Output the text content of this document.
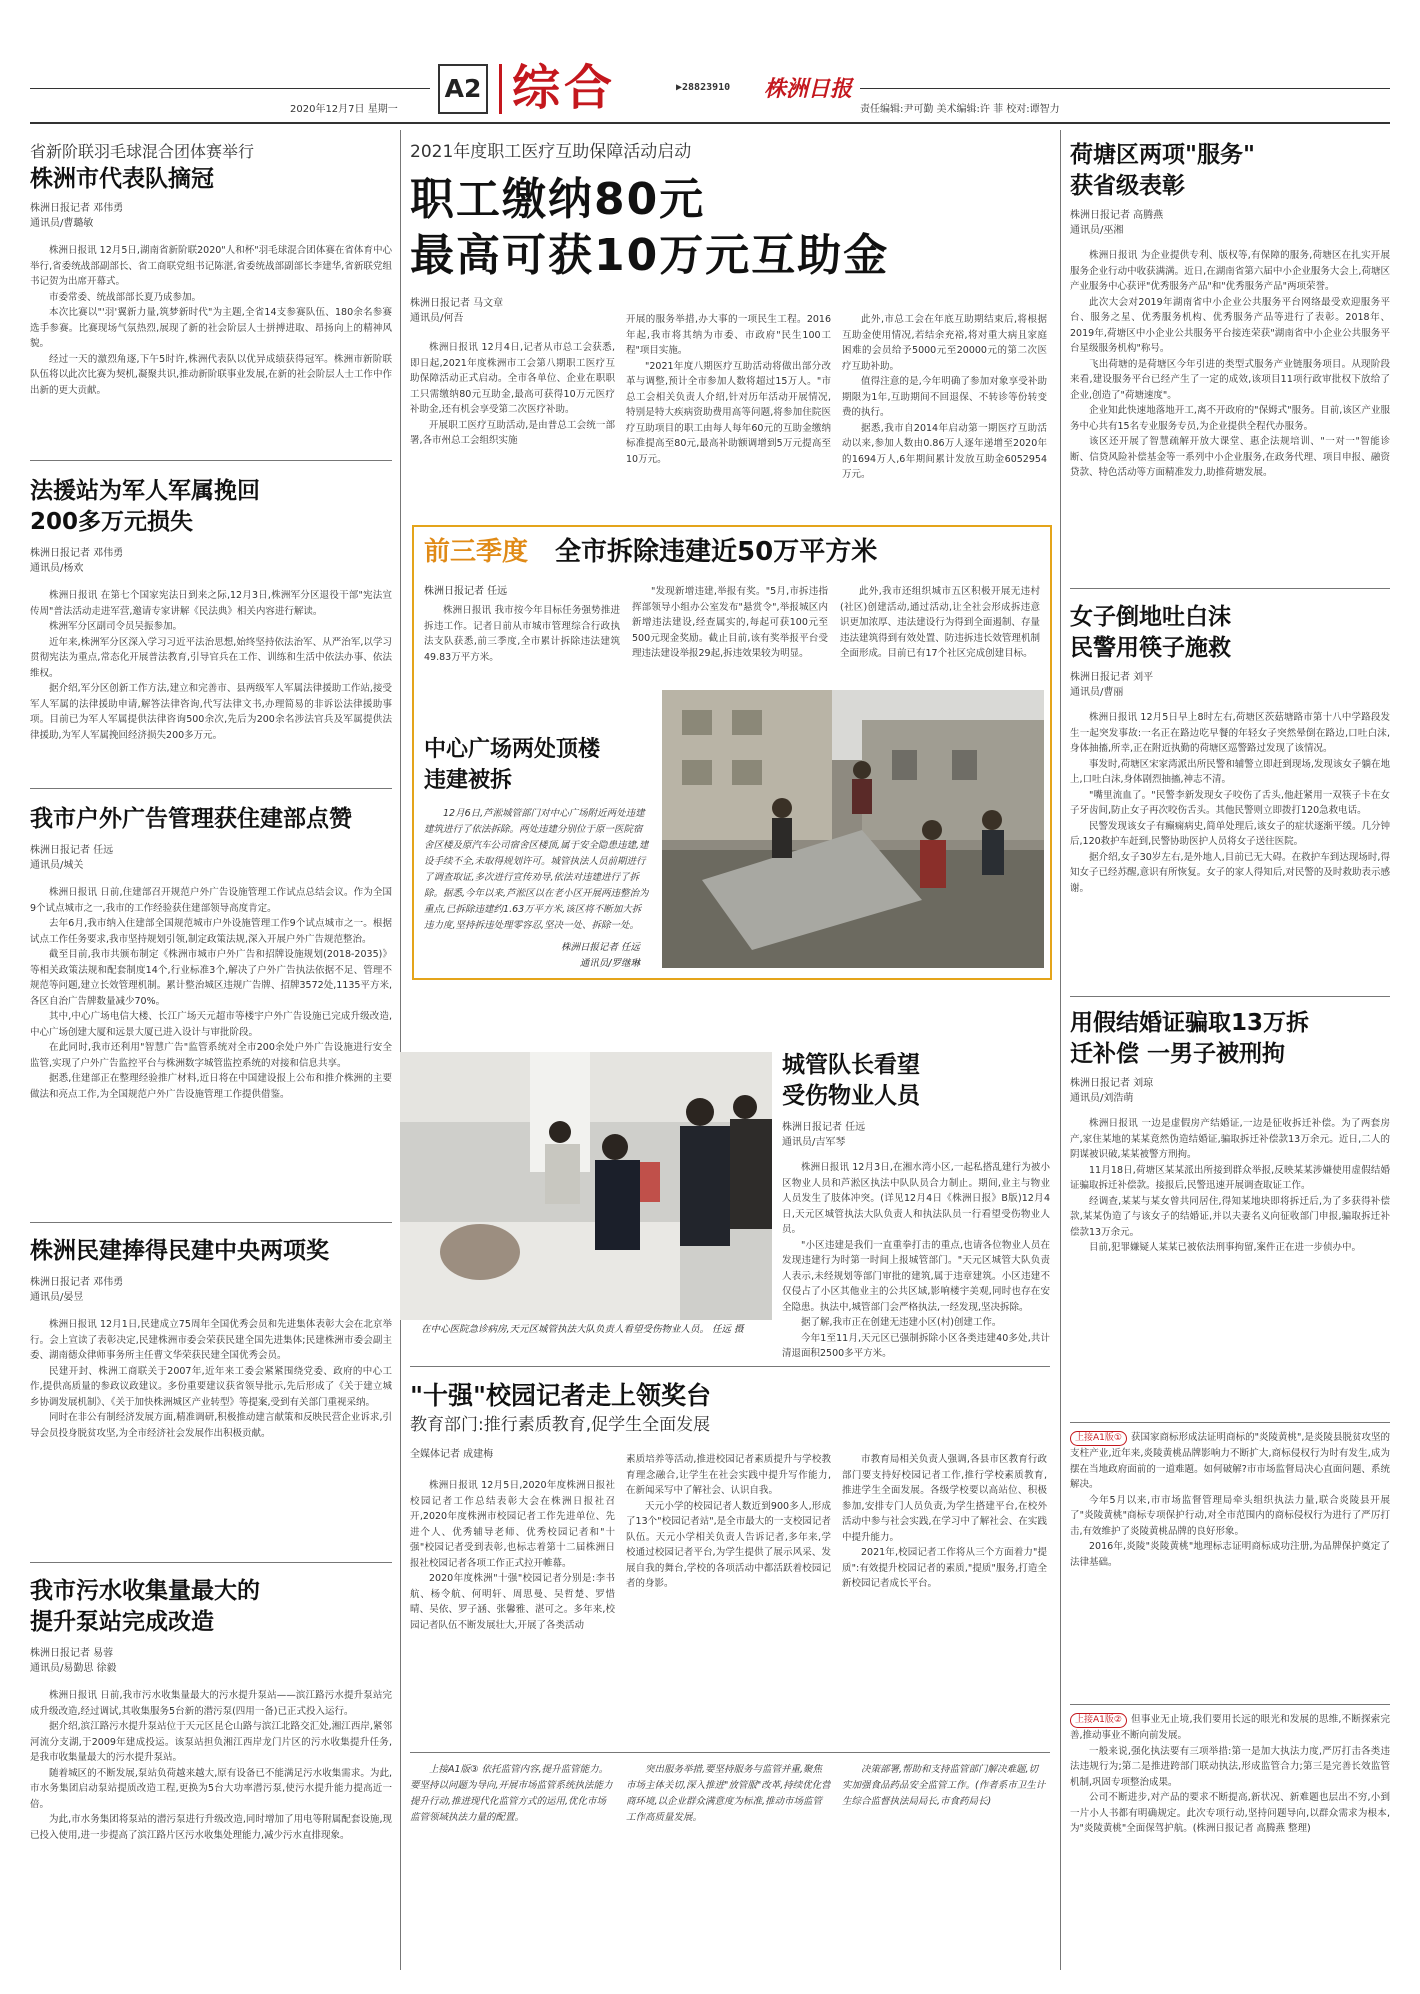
A2 综合	▶28823910 株洲日报
2020年12月7日 星期一	责任编辑:尹可勤 美术编辑:许 菲 校对:谭智力
省新阶联羽毛球混合团体赛举行
株洲市代表队摘冠
株洲日报记者 邓伟勇
通讯员/曹璐敏

株洲日报讯 12月5日,湖南省新阶联2020"人和杯"羽毛球混合团体赛在省体育中心举行,省委统战部副部长、省工商联党组书记陈湛,省委统战部副部长李建华,省新联党组书记贺为出席开幕式。

市委常委、统战部部长夏乃成参加。

本次比赛以"'羽'翼新力量,筑梦新时代"为主题,全省14支参赛队伍、180余名参赛选手参赛。比赛现场气氛热烈,展现了新的社会阶层人士拼搏进取、昂扬向上的精神风貌。

经过一天的激烈角逐,下午5时许,株洲代表队以优异成绩获得冠军。株洲市新阶联队伍将以此次比赛为契机,凝聚共识,推动新阶联事业发展,在新的社会阶层人士工作中作出新的更大贡献。

法援站为军人军属挽回
200多万元损失
株洲日报记者 邓伟勇
通讯员/杨欢

株洲日报讯 在第七个国家宪法日到来之际,12月3日,株洲军分区退役干部"宪法宣传周"普法活动走进军营,邀请专家讲解《民法典》相关内容进行解读。

株洲军分区副司令员吴振参加。

近年来,株洲军分区深入学习习近平法治思想,始终坚持依法治军、从严治军,以学习贯彻宪法为重点,常态化开展普法教育,引导官兵在工作、训练和生活中依法办事、依法维权。

据介绍,军分区创新工作方法,建立和完善市、县两级军人军属法律援助工作站,接受军人军属的法律援助申请,解答法律咨询,代写法律文书,办理简易的非诉讼法律援助事项。目前已为军人军属提供法律咨询500余次,先后为200余名涉法官兵及军属提供法律援助,为军人军属挽回经济损失200多万元。

我市户外广告管理获住建部点赞
株洲日报记者 任远
通讯员/城关

株洲日报讯 日前,住建部召开规范户外广告设施管理工作试点总结会议。作为全国9个试点城市之一,我市的工作经验获住建部领导高度肯定。

去年6月,我市纳入住建部全国规范城市户外设施管理工作9个试点城市之一。根据试点工作任务要求,我市坚持规划引领,制定政策法规,深入开展户外广告规范整治。

截至目前,我市共颁布制定《株洲市城市户外广告和招牌设施规划(2018-2035)》等相关政策法规和配套制度14个,行业标准3个,解决了户外广告执法依据不足、管理不规范等问题,建立长效管理机制。累计整治城区违规广告牌、招牌3572处,1135平方米,各区自治广告牌数量减少70%。

其中,中心广场电信大楼、长江广场天元超市等楼宇户外广告设施已完成升级改造,中心广场创建大厦和远景大厦已进入设计与审批阶段。

在此同时,我市还利用"智慧广告"监管系统对全市200余处户外广告设施进行安全监管,实现了户外广告监控平台与株洲数字城管监控系统的对接和信息共享。

据悉,住建部正在整理经验推广材料,近日将在中国建设报上公布和推介株洲的主要做法和亮点工作,为全国规范户外广告设施管理工作提供借鉴。

株洲民建捧得民建中央两项奖
株洲日报记者 邓伟勇
通讯员/晏昱

株洲日报讯 12月1日,民建成立75周年全国优秀会员和先进集体表彰大会在北京举行。会上宣读了表彰决定,民建株洲市委会荣获民建全国先进集体;民建株洲市委会副主委、湖南德众律师事务所主任曹文华荣获民建全国优秀会员。

民建开封、株洲工商联关于2007年,近年来工委会紧紧围绕党委、政府的中心工作,提供高质量的参政议政建议。多份重要建议获省领导批示,先后形成了《关于建立城乡协调发展机制》、《关于加快株洲城区产业转型》等提案,受到有关部门重视采纳。

同时在非公有制经济发展方面,精准调研,积极推动建言献策和反映民营企业诉求,引导会员投身脱贫攻坚,为全市经济社会发展作出积极贡献。

我市污水收集量最大的
提升泵站完成改造
株洲日报记者 易蓉
通讯员/易勤思 徐毅

株洲日报讯 日前,我市污水收集量最大的污水提升泵站——滨江路污水提升泵站完成升级改造,经过调试,其收集服务5台新的潜污泵(四用一备)已正式投入运行。

据介绍,滨江路污水提升泵站位于天元区昆仑山路与滨江北路交汇处,湘江西岸,紧邻河流分支湖,于2009年建成投运。该泵站担负湘江西岸龙门片区的污水收集提升任务,是我市收集量最大的污水提升泵站。

随着城区的不断发展,泵站负荷越来越大,原有设备已不能满足污水收集需求。为此,市水务集团启动泵站提质改造工程,更换为5台大功率潜污泵,使污水提升能力提高近一倍。

为此,市水务集团将泵站的潜污泵进行升级改造,同时增加了用电等附属配套设施,现已投入使用,进一步提高了滨江路片区污水收集处理能力,减少污水直排现象。

2021年度职工医疗互助保障活动启动
职工缴纳80元
最高可获10万元互助金
株洲日报记者 马文章
通讯员/何吾

株洲日报讯 12月4日,记者从市总工会获悉,即日起,2021年度株洲市工会第八期职工医疗互助保障活动正式启动。全市各单位、企业在职职工只需缴纳80元互助金,最高可获得10万元医疗补助金,还有机会享受第二次医疗补助。

开展职工医疗互助活动,是由普总工会统一部署,各市州总工会组织实施

开展的服务举措,办大事的一项民生工程。2016年起,我市将其纳为市委、市政府"民生100工程"项目实施。

"2021年度八期医疗互助活动将做出部分改革与调整,预计全市参加人数将超过15万人。"市总工会相关负责人介绍,针对历年活动开展情况,特别是特大疾病资助费用高等问题,将参加住院医疗互助项目的职工由每人每年60元的互助金缴纳标准提高至80元,最高补助额调增到5万元提高至10万元。

此外,市总工会在年底互助期结束后,将根据互助金使用情况,若结余充裕,将对重大病且家庭困难的会员给予5000元至20000元的第二次医疗互助补助。

值得注意的是,今年明确了参加对象享受补助期限为1年,互助期间不回退保、不转诊等份转变费的执行。

据悉,我市自2014年启动第一期医疗互助活动以来,参加人数由0.86万人逐年递增至2020年的1694万人,6年期间累计发放互助金6052954万元。

前三季度 全市拆除违建近50万平方米
株洲日报记者 任远

株洲日报讯 我市按今年目标任务强势推进拆违工作。记者日前从市城市管理综合行政执法支队获悉,前三季度,全市累计拆除违法建筑49.83万平方米。

"发现新增违建,举报有奖。"5月,市拆违指挥部领导小组办公室发布"悬赏令",举报城区内新增违法建设,经查属实的,每起可获100元至500元现金奖励。截止目前,该有奖举报平台受理违法建设举报29起,拆违效果较为明显。

此外,我市还组织城市五区积极开展无违村(社区)创建活动,通过活动,让全社会形成拆违意识更加浓厚、违法建设行为得到全面遏制、存量违法建筑得到有效处置、防违拆违长效管理机制全面形成。目前已有17个社区完成创建目标。

中心广场两处顶楼
违建被拆

12月6日,芦淞城管部门对中心广场附近两处违建建筑进行了依法拆除。两处违建分别位于原一医院宿舍区楼及原汽车公司宿舍区楼顶,属于安全隐患违建,建设手续不全,未取得规划许可。城管执法人员前期进行了调查取证,多次进行宣传劝导,依法对违建进行了拆除。据悉,今年以来,芦淞区以在老小区开展两违整治为重点,已拆除违建约1.63万平方米,该区将不断加大拆违力度,坚持拆违处理零容忍,坚决一处、拆除一处。

株洲日报记者 任远
通讯员/罗继琳
在中心医院急诊病房,天元区城管执法大队负责人看望受伤物业人员。 任远 摄
城管队长看望
受伤物业人员
株洲日报记者 任远
通讯员/吉军琴

株洲日报讯 12月3日,在湘水湾小区,一起私搭乱建行为被小区物业人员和芦淞区执法中队队员合力制止。期间,业主与物业人员发生了肢体冲突。(详见12月4日《株洲日报》B版)12月4日,天元区城管执法大队负责人和执法队员一行看望受伤物业人员。

"小区违建是我们一直重拳打击的重点,也请各位物业人员在发现违建行为时第一时间上报城管部门。"天元区城管大队负责人表示,未经规划等部门审批的建筑,属于违章建筑。小区违建不仅侵占了小区其他业主的公共区域,影响楼宇美观,同时也存在安全隐患。执法中,城管部门会严格执法,一经发现,坚决拆除。

据了解,我市正在创建无违建小区(村)创建工作。

今年1至11月,天元区已强制拆除小区各类违建40多处,共计清退面积2500多平方米。

"十强"校园记者走上领奖台
教育部门:推行素质教育,促学生全面发展
全媒体记者 成建梅

株洲日报讯 12月5日,2020年度株洲日报社校园记者工作总结表彰大会在株洲日报社召开,2020年度株洲市校园记者工作先进单位、先进个人、优秀辅导老师、优秀校园记者和"十强"校园记者受到表彰,也标志着第十二届株洲日报社校园记者各项工作正式拉开帷幕。

2020年度株洲"十强"校园记者分别是:李书航、杨令航、何明轩、周思曼、吴哲楚、罗惜晴、吴依、罗子涵、张馨雅、湛可之。多年来,校园记者队伍不断发展壮大,开展了各类活动

素质培养等活动,推进校园记者素质提升与学校教育理念融合,让学生在社会实践中提升写作能力,在新闻采写中了解社会、认识自我。

天元小学的校园记者人数近到900多人,形成了13个"校园记者站",是全市最大的一支校园记者队伍。天元小学相关负责人告诉记者,多年来,学校通过校园记者平台,为学生提供了展示风采、发展自我的舞台,学校的各项活动中都活跃着校园记者的身影。

市教育局相关负责人强调,各县市区教育行政部门要支持好校园记者工作,推行学校素质教育,推进学生全面发展。各级学校要以高站位、积极参加,安排专门人员负责,为学生搭建平台,在校外活动中参与社会实践,在学习中了解社会、在实践中提升能力。

2021年,校园记者工作将从三个方面着力"提质":有效提升校园记者的素质,"提质"服务,打造全新校园记者成长平台。

上接A1版③ 依托监管内容,提升监管能力。要坚持以问题为导向,开展市场监管系统执法能力提升行动,推进现代化监管方式的运用,优化市场监管领域执法力量的配置。

突出服务举措,要坚持服务与监管并重,聚焦市场主体关切,深入推进"放管服"改革,持续优化营商环境,以企业群众满意度为标准,推动市场监管工作高质量发展。

决策部署,帮助和支持监管部门解决难题,切实加强食品药品安全监管工作。(作者系市卫生计生综合监督执法局局长,市食药局长)

荷塘区两项"服务"
获省级表彰
株洲日报记者 高腾燕
通讯员/巫湘

株洲日报讯 为企业提供专利、版权等,有保障的服务,荷塘区在扎实开展服务企业行动中收获满满。近日,在湖南省第六届中小企业服务大会上,荷塘区产业服务中心获评"优秀服务产品"和"优秀服务产品"两项荣誉。

此次大会对2019年湖南省中小企业公共服务平台网络最受欢迎服务平台、服务之星、优秀服务机构、优秀服务产品等进行了表彰。2018年、2019年,荷塘区中小企业公共服务平台接连荣获"湖南省中小企业公共服务平台星级服务机构"称号。

飞出荷塘的是荷塘区今年引进的类型式服务产业链服务项目。从现阶段来看,建设服务平台已经产生了一定的成效,该项目11项行政审批权下放给了企业,创造了"荷塘速度"。

企业知此快速地落地开工,离不开政府的"保姆式"服务。目前,该区产业服务中心共有15名专业服务专员,为企业提供全程代办服务。

该区还开展了智慧疏解开放大课堂、惠企法规培训、"一对一"智能诊断、信贷风险补偿基金等一系列中小企业服务,在政务代理、项目申报、融资贷款、特色活动等方面精准发力,助推荷塘发展。

女子倒地吐白沫
民警用筷子施救
株洲日报记者 刘平
通讯员/曹丽

株洲日报讯 12月5日早上8时左右,荷塘区茨菇塘路市第十八中学路段发生一起突发事故:一名正在路边吃早餐的年轻女子突然晕倒在路边,口吐白沫,身体抽搐,所幸,正在附近执勤的荷塘区巡警路过发现了该情况。

事发时,荷塘区宋家湾派出所民警和辅警立即赶到现场,发现该女子躺在地上,口吐白沫,身体剧烈抽搐,神志不清。

"嘴里流血了。"民警李新发现女子咬伤了舌头,他赶紧用一双筷子卡在女子牙齿间,防止女子再次咬伤舌头。其他民警则立即拨打120急救电话。

民警发现该女子有癫痫病史,简单处理后,该女子的症状逐渐平缓。几分钟后,120救护车赶到,民警协助医护人员将女子送往医院。

据介绍,女子30岁左右,是外地人,目前已无大碍。在救护车到达现场时,得知女子已经苏醒,意识有所恢复。女子的家人得知后,对民警的及时救助表示感谢。

用假结婚证骗取13万拆
迁补偿 一男子被刑拘
株洲日报记者 刘琼
通讯员/刘浩萌

株洲日报讯 一边是虚假房产结婚证,一边是征收拆迁补偿。为了两套房产,家住某地的某某竟然伪造结婚证,骗取拆迁补偿款13万余元。近日,二人的阴谋被识破,某某被警方刑拘。

11月18日,荷塘区某某派出所接到群众举报,反映某某涉嫌使用虚假结婚证骗取拆迁补偿款。接报后,民警迅速开展调查取证工作。

经调查,某某与某女曾共同居住,得知某地块即将拆迁后,为了多获得补偿款,某某伪造了与该女子的结婚证,并以夫妻名义向征收部门申报,骗取拆迁补偿款13万余元。

目前,犯罪嫌疑人某某已被依法刑事拘留,案件正在进一步侦办中。

上接A1版① 获国家商标形成法证明商标的"炎陵黄桃",是炎陵县脱贫攻坚的支柱产业,近年来,炎陵黄桃品牌影响力不断扩大,商标侵权行为时有发生,成为摆在当地政府面前的一道难题。如何破解?市市场监督局决心直面问题、系统解决。

今年5月以来,市市场监督管理局牵头组织执法力量,联合炎陵县开展了"炎陵黄桃"商标专项保护行动,对全市范围内的商标侵权行为进行了严厉打击,有效维护了炎陵黄桃品牌的良好形象。

2016年,炎陵"炎陵黄桃"地理标志证明商标成功注册,为品牌保护奠定了法律基础。

上接A1版② 但事业无止境,我们要用长远的眼光和发展的思维,不断探索完善,推动事业不断向前发展。

一般来说,强化执法要有三项举措:第一是加大执法力度,严厉打击各类违法违规行为;第二是推进跨部门联动执法,形成监管合力;第三是完善长效监管机制,巩固专项整治成果。

公司不断进步,对产品的要求不断提高,新状况、新难题也层出不穷,小到一片小人书都有明确规定。此次专项行动,坚持问题导向,以群众需求为根本,为"炎陵黄桃"全面保驾护航。(株洲日报记者 高腾燕 整理)
